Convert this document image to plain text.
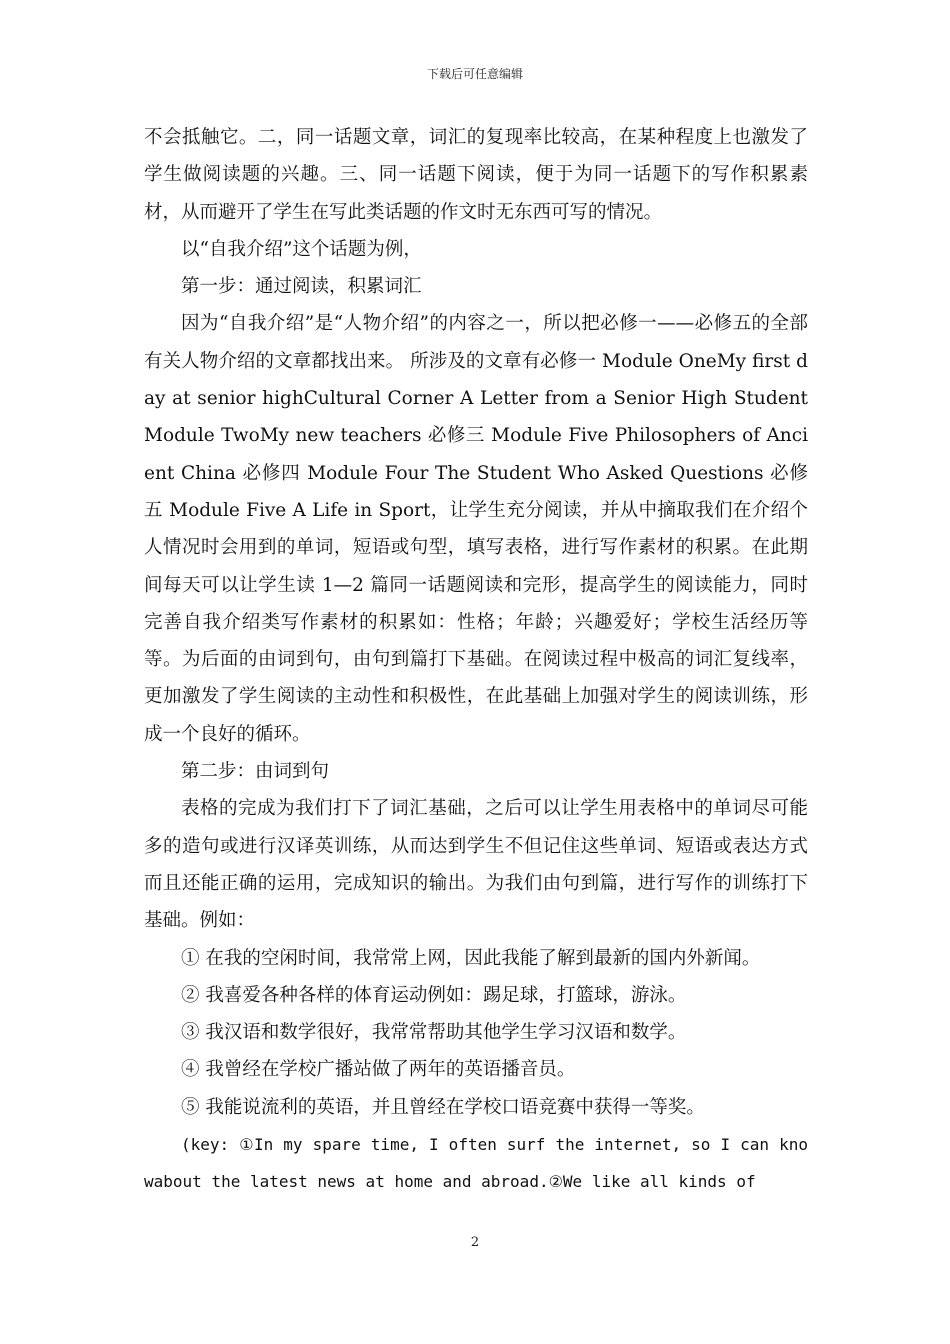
下载后可任意编辑

不会抵触它。二，同一话题文章，词汇的复现率比较高，在某种程度上也激发了学生做阅读题的兴趣。三、同一话题下阅读，便于为同一话题下的写作积累素材，从而避开了学生在写此类话题的作文时无东西可写的情况。

以“自我介绍”这个话题为例，

第一步：通过阅读，积累词汇

因为“自我介绍”是“人物介绍”的内容之一，所以把必修一——必修五的全部有关人物介绍的文章都找出来。 所涉及的文章有必修一 Module OneMy first day at senior highCultural Corner A Letter from a Senior High Student Module TwoMy new teachers 必修三 Module Five Philosophers of Ancient China 必修四 Module Four The Student Who Asked Questions 必修五 Module Five A Life in Sport，让学生充分阅读，并从中摘取我们在介绍个人情况时会用到的单词，短语或句型，填写表格，进行写作素材的积累。在此期间每天可以让学生读 1—2 篇同一话题阅读和完形，提高学生的阅读能力，同时完善自我介绍类写作素材的积累如：性格；年龄；兴趣爱好；学校生活经历等等。为后面的由词到句，由句到篇打下基础。在阅读过程中极高的词汇复线率，更加激发了学生阅读的主动性和积极性，在此基础上加强对学生的阅读训练，形成一个良好的循环。

第二步：由词到句

表格的完成为我们打下了词汇基础，之后可以让学生用表格中的单词尽可能多的造句或进行汉译英训练，从而达到学生不但记住这些单词、短语或表达方式而且还能正确的运用，完成知识的输出。为我们由句到篇，进行写作的训练打下基础。例如：

① 在我的空闲时间，我常常上网，因此我能了解到最新的国内外新闻。

② 我喜爱各种各样的体育运动例如：踢足球，打篮球，游泳。

③ 我汉语和数学很好，我常常帮助其他学生学习汉语和数学。

④ 我曾经在学校广播站做了两年的英语播音员。

⑤ 我能说流利的英语，并且曾经在学校口语竞赛中获得一等奖。

(key: ①In my spare time, I often surf the internet, so I can knowabout the latest news at home and abroad.②We like all kinds of

2
